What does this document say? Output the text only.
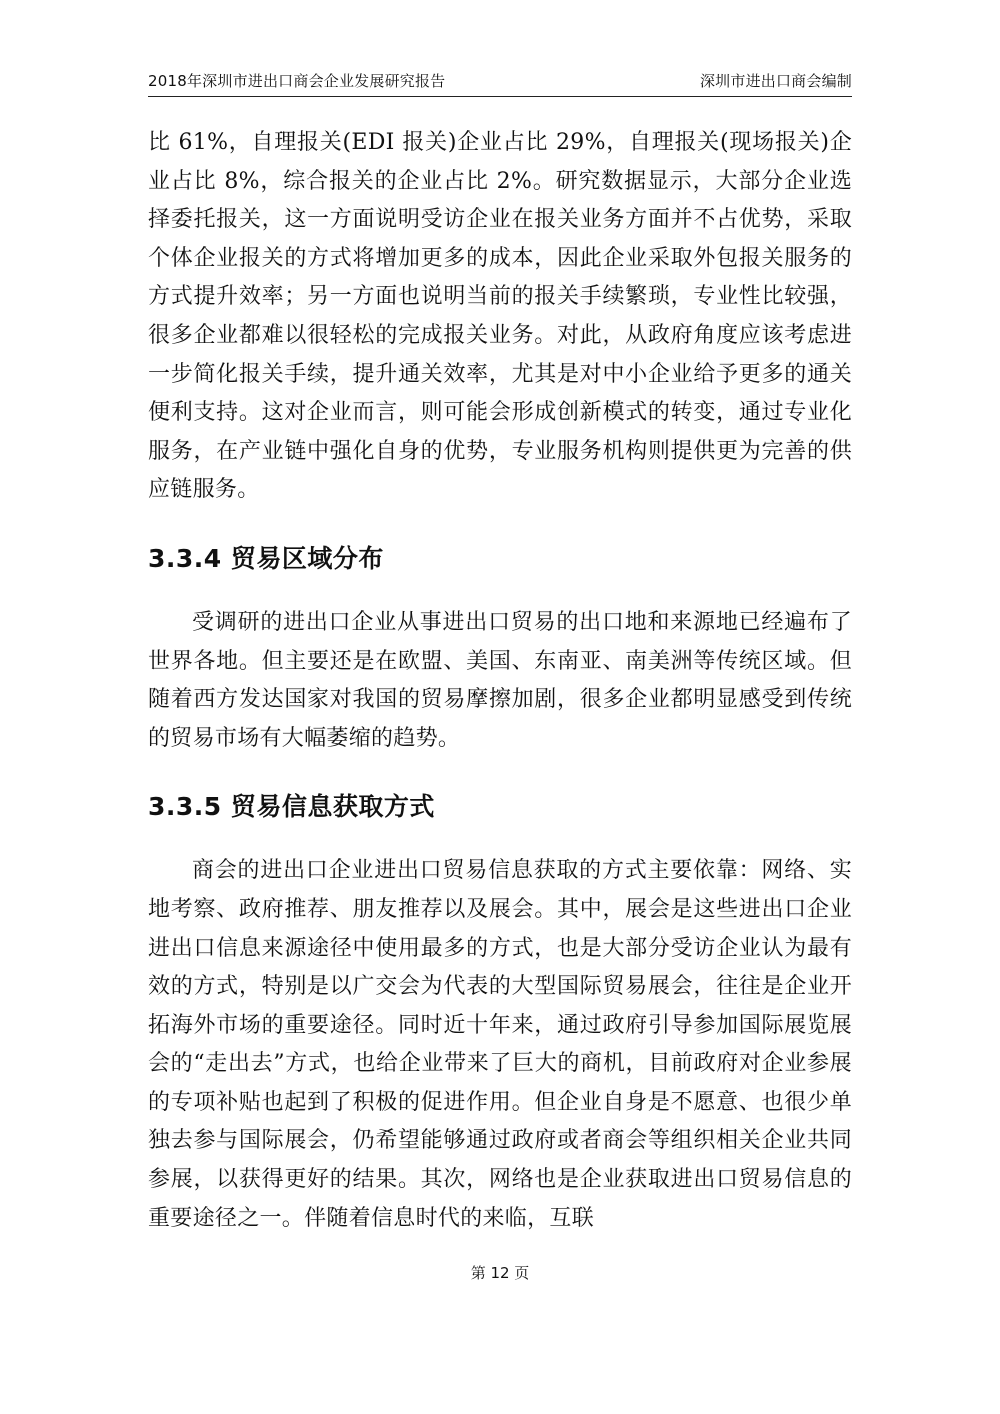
2018年深圳市进出口商会企业发展研究报告	深圳市进出口商会编制

比 61%，自理报关(EDI 报关)企业占比 29%，自理报关(现场报关)企业占比 8%，综合报关的企业占比 2%。研究数据显示，大部分企业选择委托报关，这一方面说明受访企业在报关业务方面并不占优势，采取个体企业报关的方式将增加更多的成本，因此企业采取外包报关服务的方式提升效率；另一方面也说明当前的报关手续繁琐，专业性比较强，很多企业都难以很轻松的完成报关业务。对此，从政府角度应该考虑进一步简化报关手续，提升通关效率，尤其是对中小企业给予更多的通关便利支持。这对企业而言，则可能会形成创新模式的转变，通过专业化服务，在产业链中强化自身的优势，专业服务机构则提供更为完善的供应链服务。

3.3.4 贸易区域分布

受调研的进出口企业从事进出口贸易的出口地和来源地已经遍布了世界各地。但主要还是在欧盟、美国、东南亚、南美洲等传统区域。但随着西方发达国家对我国的贸易摩擦加剧，很多企业都明显感受到传统的贸易市场有大幅萎缩的趋势。

3.3.5 贸易信息获取方式

商会的进出口企业进出口贸易信息获取的方式主要依靠：网络、实地考察、政府推荐、朋友推荐以及展会。其中，展会是这些进出口企业进出口信息来源途径中使用最多的方式，也是大部分受访企业认为最有效的方式，特别是以广交会为代表的大型国际贸易展会，往往是企业开拓海外市场的重要途径。同时近十年来，通过政府引导参加国际展览展会的“走出去”方式，也给企业带来了巨大的商机，目前政府对企业参展的专项补贴也起到了积极的促进作用。但企业自身是不愿意、也很少单独去参与国际展会，仍希望能够通过政府或者商会等组织相关企业共同参展，以获得更好的结果。其次，网络也是企业获取进出口贸易信息的重要途径之一。伴随着信息时代的来临，互联

第 12 页
